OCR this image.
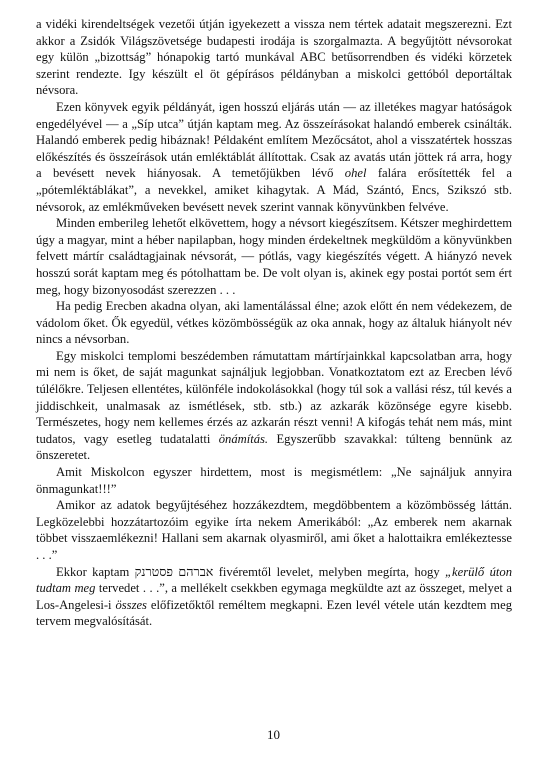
a vidéki kirendeltségek vezetői útján igyekezett a vissza nem tértek adatait megszerezni. Ezt akkor a Zsidók Világszövetsége budapesti irodája is szorgalmazta. A begyűjtött névsorokat egy külön „bizottság” hónapokig tartó munkával ABC betűsorrendben és vidéki körzetek szerint rendezte. Igy készült el öt gépírásos példányban a miskolci gettóból deportáltak névsora.

Ezen könyvek egyik példányát, igen hosszú eljárás után — az illetékes magyar hatóságok engedélyével — a „Síp utca” útján kaptam meg. Az összeírásokat halandó emberek csinálták. Halandó emberek pedig hibáznak! Példaként említem Mezőcsátot, ahol a visszatértek hosszas előkészítés és összeírások után emléktáblát állítottak. Csak az avatás után jöttek rá arra, hogy a bevésett nevek hiányosak. A temetőjükben lévő ohel falára erősítették fel a „pótemléktáblákat”, a nevekkel, amiket kihagytak. A Mád, Szántó, Encs, Szikszó stb. névsorok, az emlékműveken bevésett nevek szerint vannak könyvünkben felvéve.

Minden emberileg lehetőt elkövettem, hogy a névsort kiegészítsem. Kétszer meghirdettem úgy a magyar, mint a héber napilapban, hogy minden érdekeltnek megküldöm a könyvünkben felvett mártír családtagjainak névsorát, — pótlás, vagy kiegészítés végett. A hiányzó nevek hosszú sorát kaptam meg és pótolhattam be. De volt olyan is, akinek egy postai portót sem ért meg, hogy bizonyosodást szerezzen . . .

Ha pedig Erecben akadna olyan, aki lamentálással élne; azok előtt én nem védekezem, de vádolom őket. Ők egyedül, vétkes közömbösségük az oka annak, hogy az általuk hiányolt név nincs a névsorban.

Egy miskolci templomi beszédemben rámutattam mártírjainkkal kapcsolatban arra, hogy mi nem is őket, de saját magunkat sajnáljuk legjobban. Vonatkoztatom ezt az Erecben lévő túlélőkre. Teljesen ellentétes, különféle indokolásokkal (hogy túl sok a vallási rész, túl kevés a jiddischkeit, unalmasak az ismétlések, stb. stb.) az azkarák közönsége egyre kisebb. Természetes, hogy nem kellemes érzés az azkarán részt venni! A kifogás tehát nem más, mint tudatos, vagy esetleg tudatalatti önámítás. Egyszerűbb szavakkal: túlteng bennünk az önszeretet.

Amit Miskolcon egyszer hirdettem, most is megismétlem: „Ne sajnáljuk annyira önmagunkat!!!”

Amikor az adatok begyűjtéséhez hozzákezdtem, megdöbbentem a közömbösség láttán. Legközelebbi hozzátartozóim egyike írta nekem Amerikából: „Az emberek nem akarnak többet visszaemlékezni! Hallani sem akarnak olyasmiről, ami őket a halottaikra emlékeztesse . . .”

Ekkor kaptam אברהם פסטרנק fivéremtől levelet, melyben megírta, hogy „kerülő úton tudtam meg tervedet . . .”, a mellékelt csekkben egymaga megküldte azt az összeget, melyet a Los-Angelesi-i összes előfizetőktől reméltem megkapni. Ezen levél vétele után kezdtem meg tervem megvalósítását.

10
